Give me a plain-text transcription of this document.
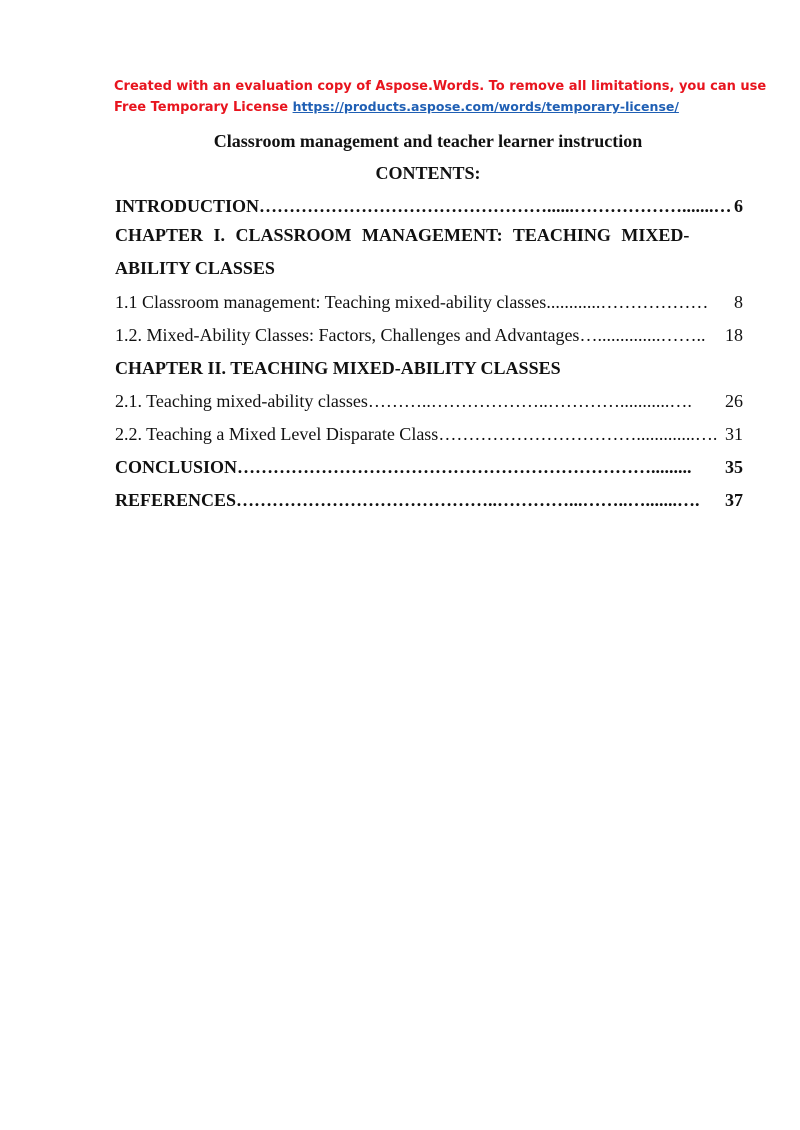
Created with an evaluation copy of Aspose.Words. To remove all limitations, you can use
Free Temporary License https://products.aspose.com/words/temporary-license/
Classroom management and teacher learner instruction
CONTENTS:
INTRODUCTION …………………………………………......……………….......… 6
CHAPTER I. CLASSROOM MANAGEMENT: TEACHING MIXED-
ABILITY CLASSES
1.1 Classroom management: Teaching mixed-ability classes ............………………	8
1.2. Mixed-Ability Classes: Factors, Challenges and Advantages …..............……..	18
CHAPTER II. TEACHING MIXED-ABILITY CLASSES
2.1. Teaching mixed-ability classes ………..………………..…………...........….	26
2.2. Teaching a Mixed Level Disparate Class …………………………….............…. 31
CONCLUSION …………………………………………………………….........	35
REFERENCES ……………………………………..…………...……..….......….	37
